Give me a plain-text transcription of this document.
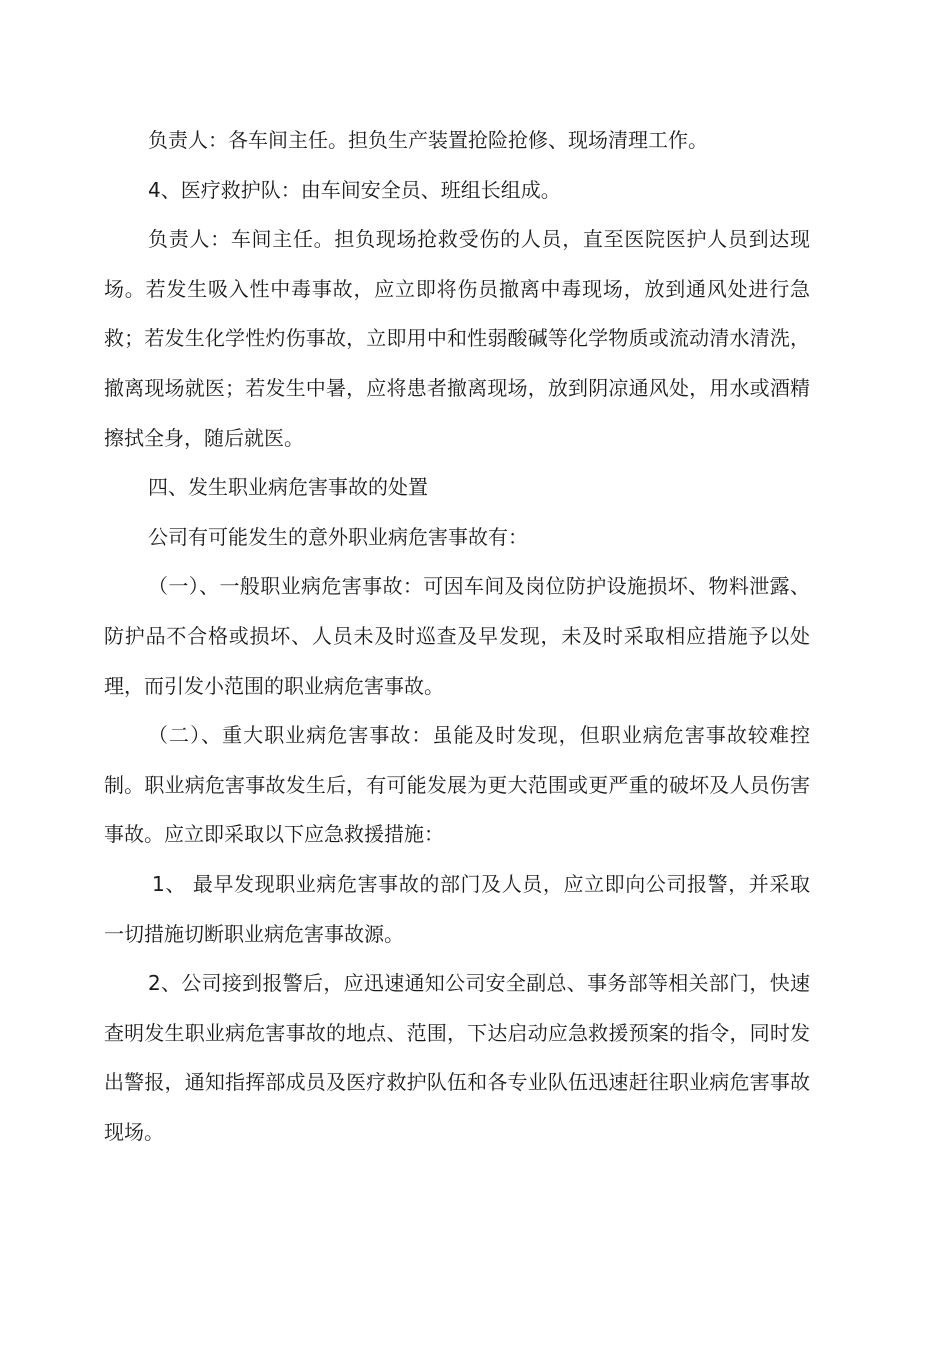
负责人：各车间主任。担负生产装置抢险抢修、现场清理工作。

4、医疗救护队：由车间安全员、班组长组成。

负责人：车间主任。担负现场抢救受伤的人员，直至医院医护人员到达现场。若发生吸入性中毒事故，应立即将伤员撤离中毒现场，放到通风处进行急救；若发生化学性灼伤事故，立即用中和性弱酸碱等化学物质或流动清水清洗，撤离现场就医；若发生中暑，应将患者撤离现场，放到阴凉通风处，用水或酒精擦拭全身，随后就医。

四、发生职业病危害事故的处置

公司有可能发生的意外职业病危害事故有：

（一）、一般职业病危害事故：可因车间及岗位防护设施损坏、物料泄露、防护品不合格或损坏、人员未及时巡查及早发现，未及时采取相应措施予以处理，而引发小范围的职业病危害事故。

（二）、重大职业病危害事故：虽能及时发现，但职业病危害事故较难控制。职业病危害事故发生后，有可能发展为更大范围或更严重的破坏及人员伤害事故。应立即采取以下应急救援措施：

1、 最早发现职业病危害事故的部门及人员，应立即向公司报警，并采取一切措施切断职业病危害事故源。

2、公司接到报警后，应迅速通知公司安全副总、事务部等相关部门，快速查明发生职业病危害事故的地点、范围，下达启动应急救援预案的指令，同时发出警报，通知指挥部成员及医疗救护队伍和各专业队伍迅速赶往职业病危害事故现场。
